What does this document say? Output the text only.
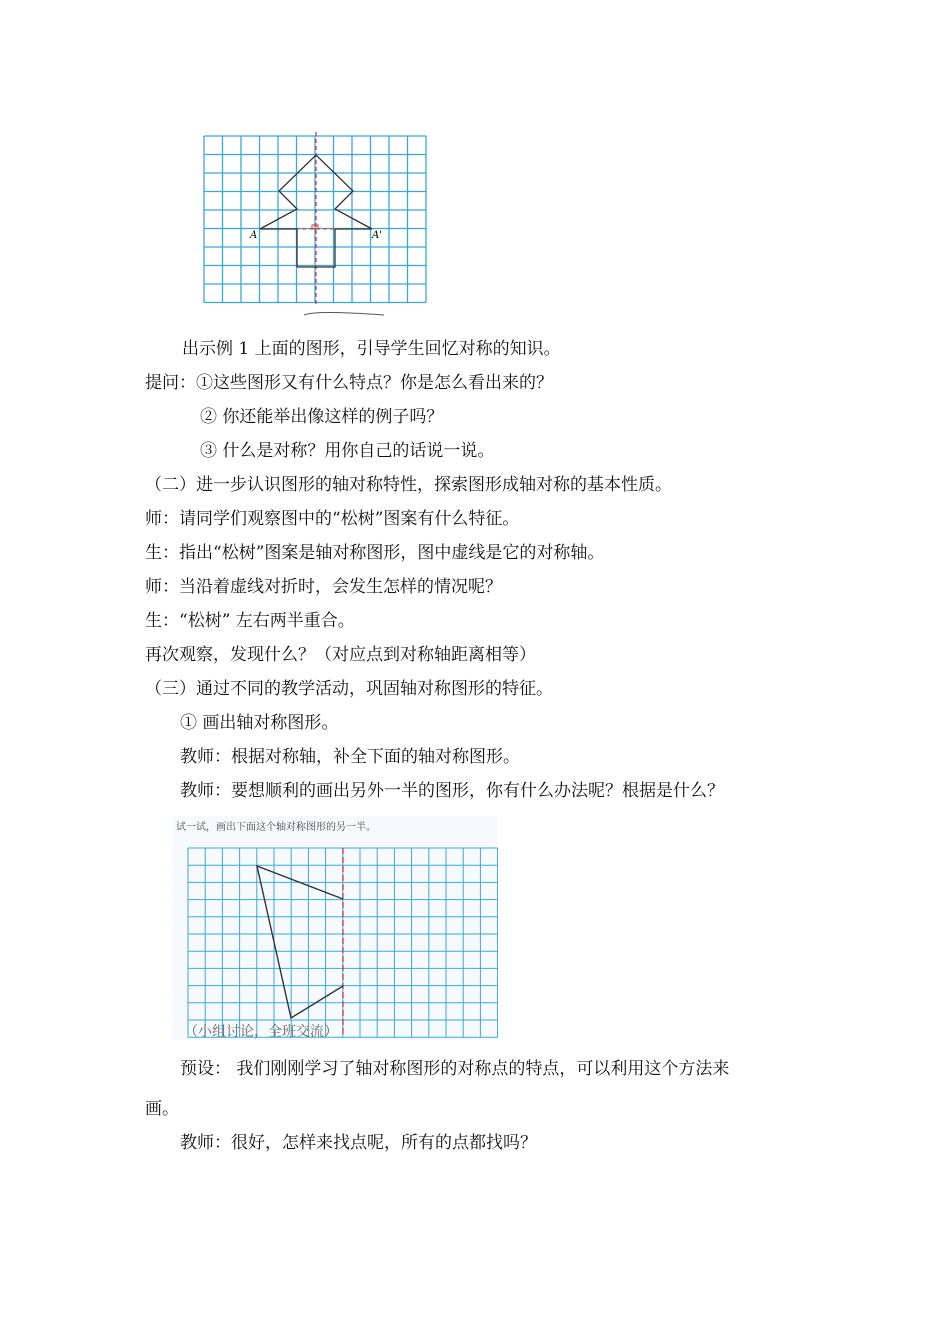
A	A'
出示例 1 上面的图形，引导学生回忆对称的知识。
提问：①这些图形又有什么特点？你是怎么看出来的？
② 你还能举出像这样的例子吗？
③ 什么是对称？用你自己的话说一说。
（二）进一步认识图形的轴对称特性，探索图形成轴对称的基本性质。
师：请同学们观察图中的“松树”图案有什么特征。
生：指出“松树”图案是轴对称图形，图中虚线是它的对称轴。
师：当沿着虚线对折时，会发生怎样的情况呢？
生：“松树” 左右两半重合。
再次观察，发现什么？（对应点到对称轴距离相等）
（三）通过不同的教学活动，巩固轴对称图形的特征。
① 画出轴对称图形。
教师：根据对称轴，补全下面的轴对称图形。
教师：要想顺利的画出另外一半的图形，你有什么办法呢？根据是什么？
试一试，画出下面这个轴对称图形的另一半。
（小组讨论，全班交流）
预设： 我们刚刚学习了轴对称图形的对称点的特点，可以利用这个方法来
画。
教师：很好，怎样来找点呢，所有的点都找吗？
